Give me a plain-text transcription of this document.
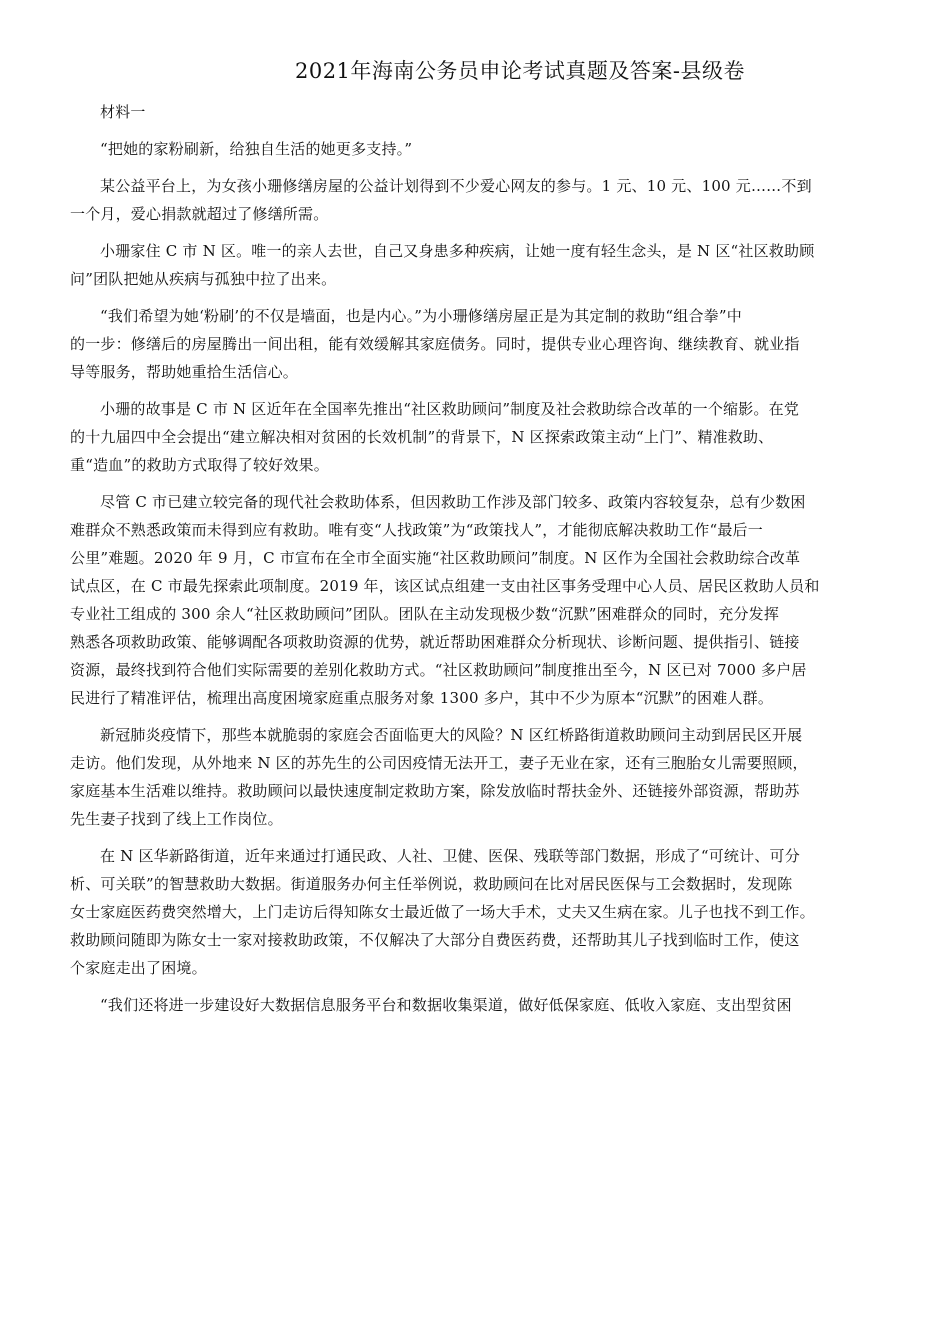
2021年海南公务员申论考试真题及答案-县级卷
材料一
“把她的家粉刷新，给独自生活的她更多支持。”
某公益平台上，为女孩小珊修缮房屋的公益计划得到不少爱心网友的参与。1 元、10 元、100 元……不到
一个月，爱心捐款就超过了修缮所需。
小珊家住 C 市 N 区。唯一的亲人去世，自己又身患多种疾病，让她一度有轻生念头，是 N 区“社区救助顾
问”团队把她从疾病与孤独中拉了出来。
“我们希望为她‘粉刷’的不仅是墙面，也是内心。”为小珊修缮房屋正是为其定制的救助“组合拳”中
的一步：修缮后的房屋腾出一间出租，能有效缓解其家庭债务。同时，提供专业心理咨询、继续教育、就业指
导等服务，帮助她重拾生活信心。
小珊的故事是 C 市 N 区近年在全国率先推出“社区救助顾问”制度及社会救助综合改革的一个缩影。在党
的十九届四中全会提出“建立解决相对贫困的长效机制”的背景下，N 区探索政策主动“上门”、精准救助、
重“造血”的救助方式取得了较好效果。
尽管 C 市已建立较完备的现代社会救助体系，但因救助工作涉及部门较多、政策内容较复杂，总有少数困
难群众不熟悉政策而未得到应有救助。唯有变“人找政策”为“政策找人”，才能彻底解决救助工作“最后一
公里”难题。2020 年 9 月，C 市宣布在全市全面实施“社区救助顾问”制度。N 区作为全国社会救助综合改革
试点区，在 C 市最先探索此项制度。2019 年，该区试点组建一支由社区事务受理中心人员、居民区救助人员和
专业社工组成的 300 余人“社区救助顾问”团队。团队在主动发现极少数“沉默”困难群众的同时，充分发挥
熟悉各项救助政策、能够调配各项救助资源的优势，就近帮助困难群众分析现状、诊断问题、提供指引、链接
资源，最终找到符合他们实际需要的差别化救助方式。“社区救助顾问”制度推出至今，N 区已对 7000 多户居
民进行了精准评估，梳理出高度困境家庭重点服务对象 1300 多户，其中不少为原本“沉默”的困难人群。
新冠肺炎疫情下，那些本就脆弱的家庭会否面临更大的风险？N 区红桥路街道救助顾问主动到居民区开展
走访。他们发现，从外地来 N 区的苏先生的公司因疫情无法开工，妻子无业在家，还有三胞胎女儿需要照顾，
家庭基本生活难以维持。救助顾问以最快速度制定救助方案，除发放临时帮扶金外、还链接外部资源，帮助苏
先生妻子找到了线上工作岗位。
在 N 区华新路街道，近年来通过打通民政、人社、卫健、医保、残联等部门数据，形成了“可统计、可分
析、可关联”的智慧救助大数据。街道服务办何主任举例说，救助顾问在比对居民医保与工会数据时，发现陈
女士家庭医药费突然增大，上门走访后得知陈女士最近做了一场大手术，丈夫又生病在家。儿子也找不到工作。
救助顾问随即为陈女士一家对接救助政策，不仅解决了大部分自费医药费，还帮助其儿子找到临时工作，使这
个家庭走出了困境。
“我们还将进一步建设好大数据信息服务平台和数据收集渠道，做好低保家庭、低收入家庭、支出型贫困
